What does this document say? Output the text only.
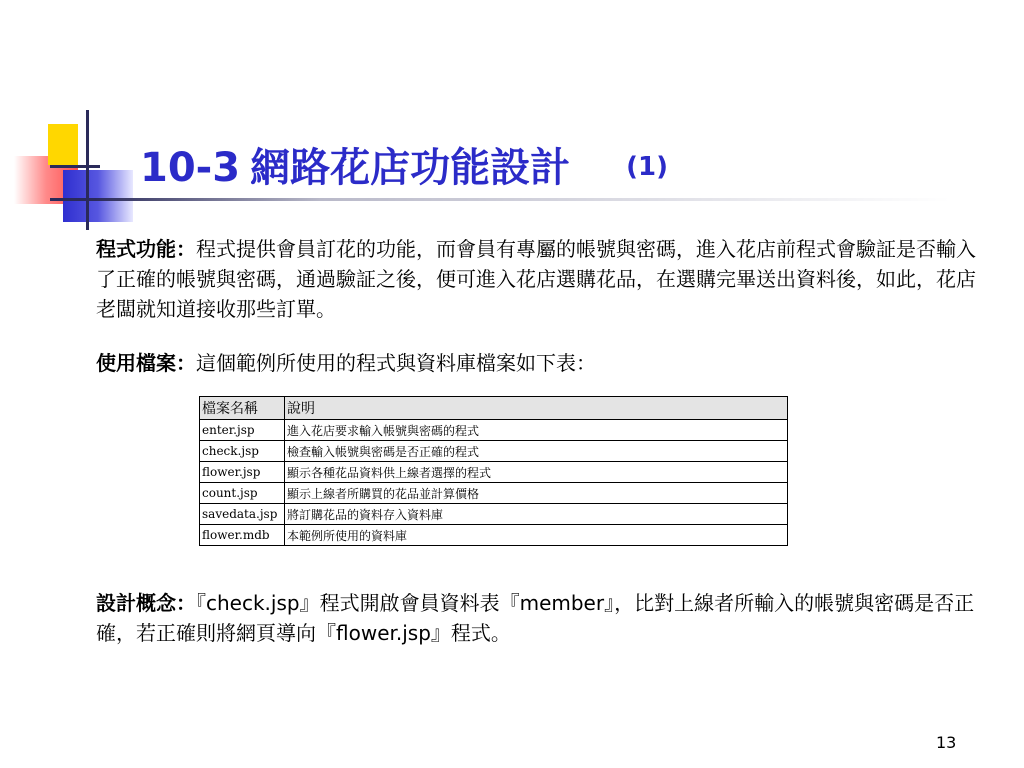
10-3 網路花店功能設計 $^{(1)}$
程式功能：程式提供會員訂花的功能，而會員有專屬的帳號與密碼，進入花店前程式會驗証是否輸入了正確的帳號與密碼，通過驗証之後，便可進入花店選購花品，在選購完畢送出資料後，如此，花店老闆就知道接收那些訂單。
使用檔案：這個範例所使用的程式與資料庫檔案如下表：
檔案名稱	說明
enter.jsp	進入花店要求輸入帳號與密碼的程式
check.jsp	檢查輸入帳號與密碼是否正確的程式
flower.jsp	顯示各種花品資料供上線者選擇的程式
count.jsp	顯示上線者所購買的花品並計算價格
savedata.jsp	將訂購花品的資料存入資料庫
flower.mdb	本範例所使用的資料庫
設計概念：『check.jsp』程式開啟會員資料表『member』，比對上線者所輸入的帳號與密碼是否正確，若正確則將網頁導向『flower.jsp』程式。
13
